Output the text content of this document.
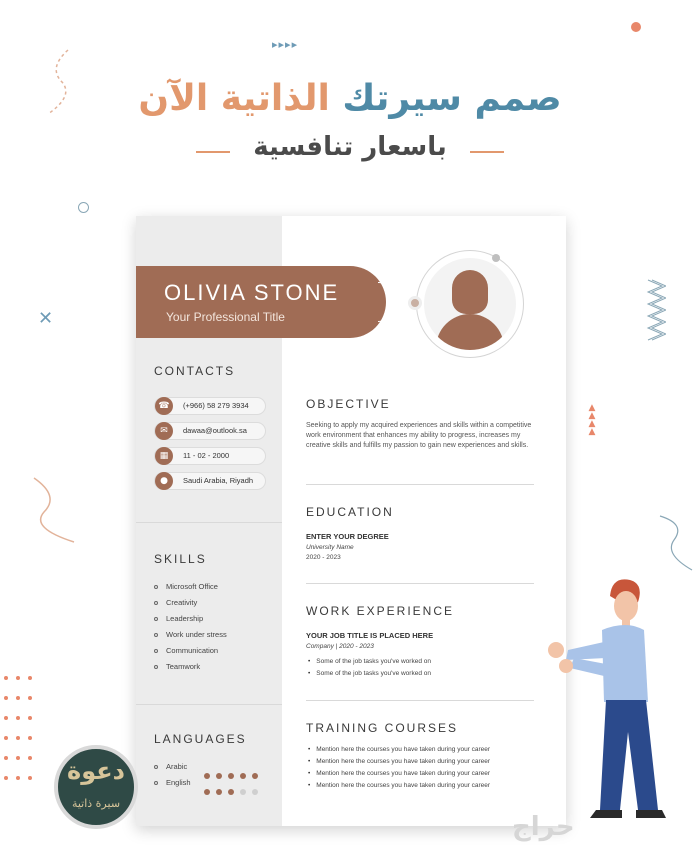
▸▸▸▸
✕
▲
▲
▲
▲
صمم سيرتك الذاتية الآن
باسعار تنافسية
OLIVIA STONE
Your Professional Title
CONTACTS
☎	(+966) 58 279 3934
✉	dawaa@outlook.sa
▦	11 - 02 - 2000
●	Saudi Arabia, Riyadh
SKILLS
Microsoft Office
Creativity
Leadership
Work under stress
Communication
Teamwork
LANGUAGES
Arabic
English
OBJECTIVE
Seeking to apply my acquired experiences and skills within a competitive work environment that enhances my ability to progress, increases my creative skills and fulfills my passion to gain new experiences and skills.
EDUCATION
ENTER YOUR DEGREE
University Name
2020 - 2023
WORK EXPERIENCE
YOUR JOB TITLE IS PLACED HERE
Company | 2020 - 2023
• Some of the job tasks you've worked on
• Some of the job tasks you've worked on
TRAINING COURSES
• Mention here the courses you have taken during your career
• Mention here the courses you have taken during your career
• Mention here the courses you have taken during your career
• Mention here the courses you have taken during your career

دعوة
سيرة ذاتية
حراج
